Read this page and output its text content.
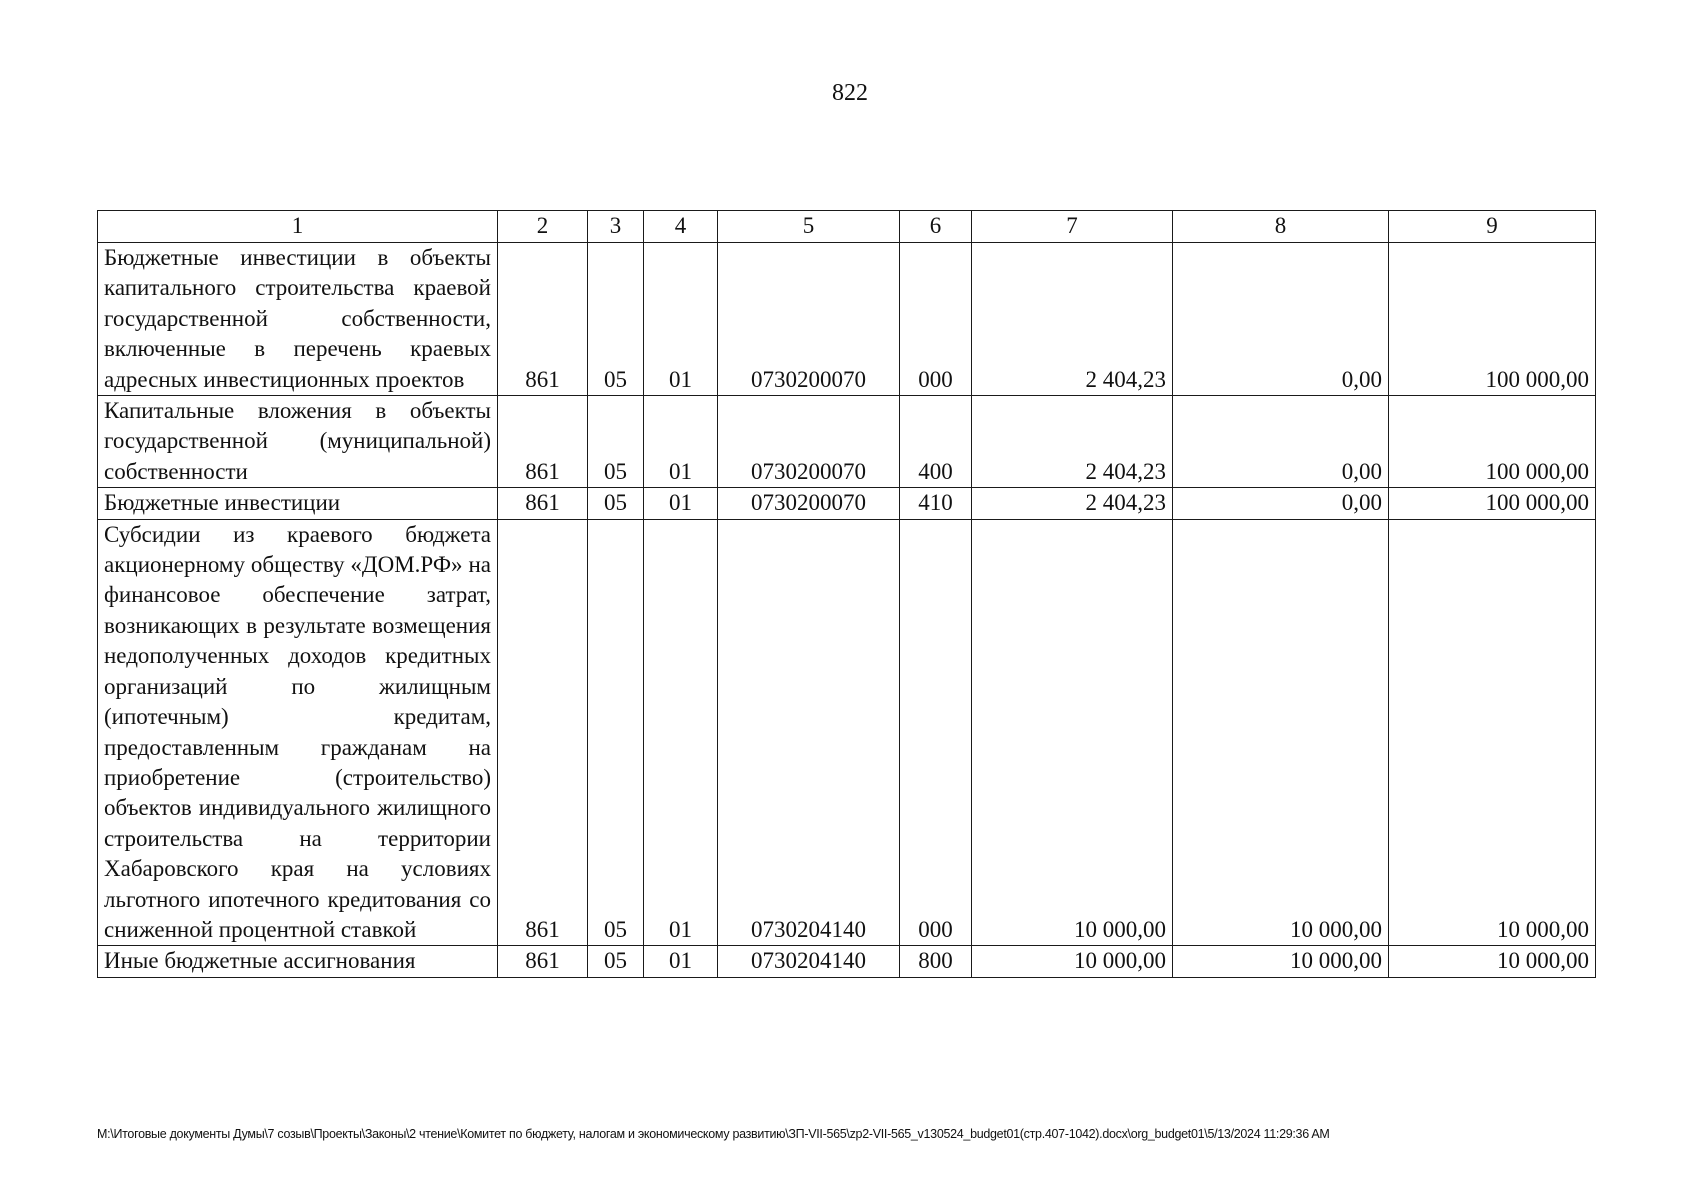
822
1	2	3	4	5	6	7	8	9
Бюджетные инвестиции в объекты капитального строительства краевой государственной собственности, включенные в перечень краевых адресных инвестиционных проектов	861	05	01	0730200070	000	2 404,23	0,00	100 000,00
Капитальные вложения в объекты государственной (муниципальной) собственности	861	05	01	0730200070	400	2 404,23	0,00	100 000,00
Бюджетные инвестиции	861	05	01	0730200070	410	2 404,23	0,00	100 000,00
Субсидии из краевого бюджета акционерному обществу «ДОМ.РФ» на финансовое обеспечение затрат, возникающих в результате возмещения недополученных доходов кредитных организаций по жилищным (ипотечным) кредитам, предоставленным гражданам на приобретение (строительство) объектов индивидуального жилищного строительства на территории Хабаровского края на условиях льготного ипотечного кредитования со сниженной процентной ставкой	861	05	01	0730204140	000	10 000,00	10 000,00	10 000,00
Иные бюджетные ассигнования	861	05	01	0730204140	800	10 000,00	10 000,00	10 000,00
M:\Итоговые документы Думы\7 созыв\Проекты\Законы\2 чтение\Комитет по бюджету, налогам и экономическому развитию\ЗП-VII-565\zp2-VII-565_v130524_budget01(стр.407-1042).docx\org_budget01\5/13/2024 11:29:36 AM
